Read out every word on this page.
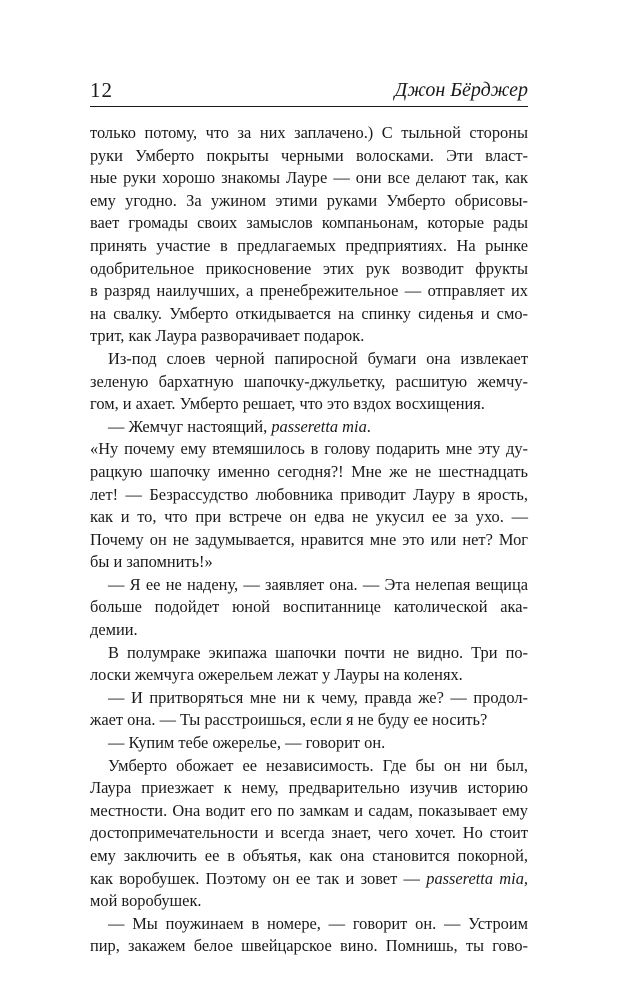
12	Джон Бёрджер
только потому, что за них заплачено.) С тыльной стороны
руки Умберто покрыты черными волосками. Эти власт-
ные руки хорошо знакомы Лауре — они все делают так, как
ему угодно. За ужином этими руками Умберто обрисовы-
вает громады своих замыслов компаньонам, которые рады
принять участие в предлагаемых предприятиях. На рынке
одобрительное прикосновение этих рук возводит фрукты
в разряд наилучших, а пренебрежительное — отправляет их
на свалку. Умберто откидывается на спинку сиденья и смо-
трит, как Лаура разворачивает подарок.
Из-под слоев черной папиросной бумаги она извлекает
зеленую бархатную шапочку-джульетку, расшитую жемчу-
гом, и ахает. Умберто решает, что это вздох восхищения.
— Жемчуг настоящий, passeretta mia.
«Ну почему ему втемяшилось в голову подарить мне эту ду-
рацкую шапочку именно сегодня?! Мне же не шестнадцать
лет! — Безрассудство любовника приводит Лауру в ярость,
как и то, что при встрече он едва не укусил ее за ухо. —
Почему он не задумывается, нравится мне это или нет? Мог
бы и запомнить!»
— Я ее не надену, — заявляет она. — Эта нелепая вещица
больше подойдет юной воспитаннице католической ака-
демии.
В полумраке экипажа шапочки почти не видно. Три по-
лоски жемчуга ожерельем лежат у Лауры на коленях.
— И притворяться мне ни к чему, правда же? — продол-
жает она. — Ты расстроишься, если я не буду ее носить?
— Купим тебе ожерелье, — говорит он.
Умберто обожает ее независимость. Где бы он ни был,
Лаура приезжает к нему, предварительно изучив историю
местности. Она водит его по замкам и садам, показывает ему
достопримечательности и всегда знает, чего хочет. Но стоит
ему заключить ее в объятья, как она становится покорной,
как воробушек. Поэтому он ее так и зовет — passeretta mia,
мой воробушек.
— Мы поужинаем в номере, — говорит он. — Устроим
пир, закажем белое швейцарское вино. Помнишь, ты гово-
